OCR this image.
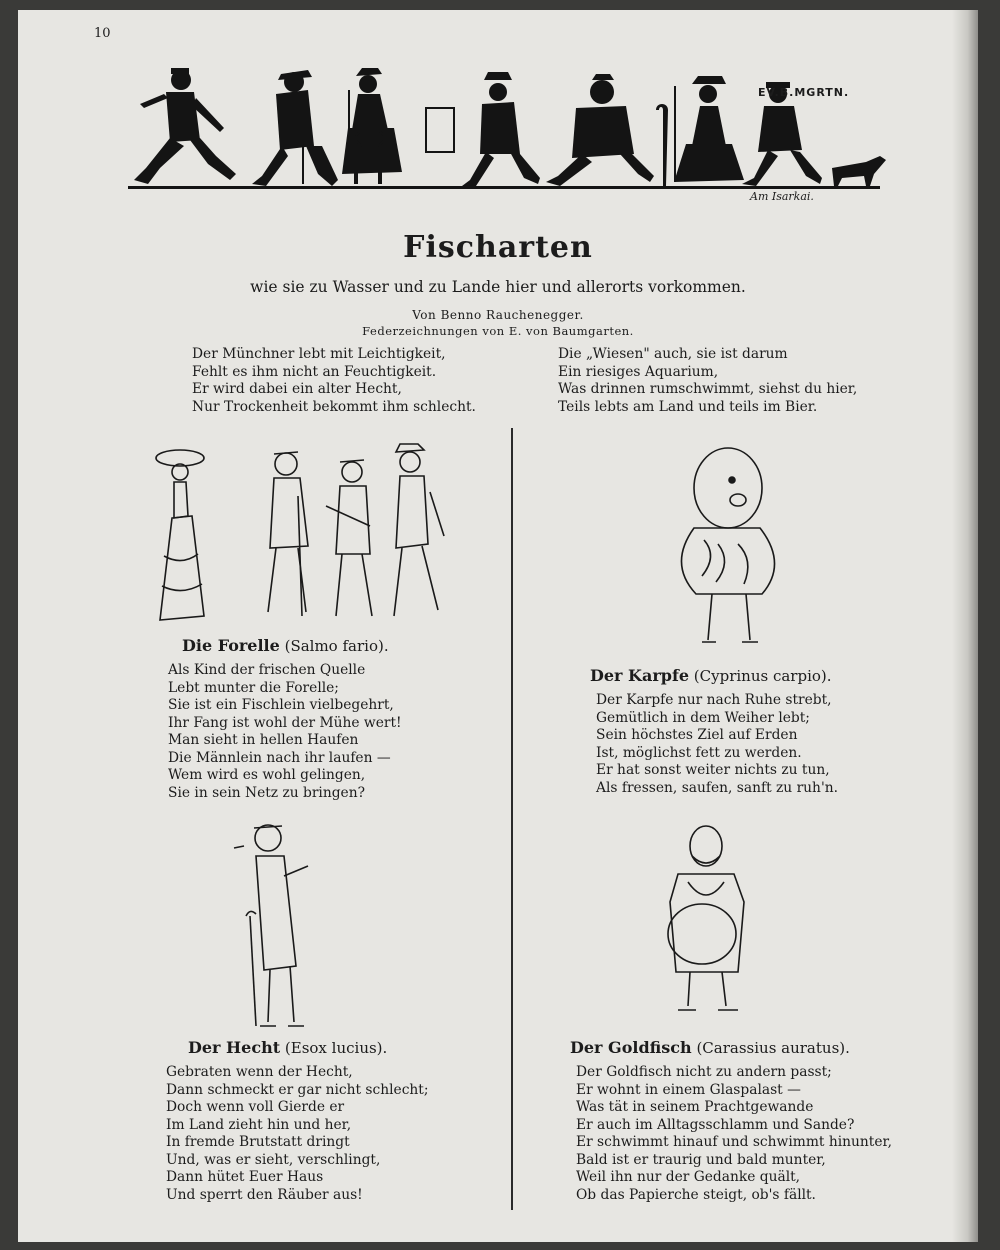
10
EV.B.MGRTN.
Am Isarkai.
Fischarten
wie sie zu Wasser und zu Lande hier und allerorts vorkommen.
Von Benno Rauchenegger.
Federzeichnungen von E. von Baumgarten.
Der Münchner lebt mit Leichtigkeit,
Fehlt es ihm nicht an Feuchtigkeit.
Er wird dabei ein alter Hecht,
Nur Trockenheit bekommt ihm schlecht.
Die „Wiesen" auch, sie ist darum
Ein riesiges Aquarium,
Was drinnen rumschwimmt, siehst du hier,
Teils lebts am Land und teils im Bier.
Die Forelle (Salmo fario).
Als Kind der frischen Quelle
Lebt munter die Forelle;
Sie ist ein Fischlein vielbegehrt,
Ihr Fang ist wohl der Mühe wert!
Man sieht in hellen Haufen
Die Männlein nach ihr laufen —
Wem wird es wohl gelingen,
Sie in sein Netz zu bringen?
Der Karpfe (Cyprinus carpio).
Der Karpfe nur nach Ruhe strebt,
Gemütlich in dem Weiher lebt;
Sein höchstes Ziel auf Erden
Ist, möglichst fett zu werden.
Er hat sonst weiter nichts zu tun,
Als fressen, saufen, sanft zu ruh'n.
Der Hecht (Esox lucius).
Gebraten wenn der Hecht,
Dann schmeckt er gar nicht schlecht;
Doch wenn voll Gierde er
Im Land zieht hin und her,
In fremde Brutstatt dringt
Und, was er sieht, verschlingt,
Dann hütet Euer Haus
Und sperrt den Räuber aus!
Der Goldfisch (Carassius auratus).
Der Goldfisch nicht zu andern passt;
Er wohnt in einem Glaspalast —
Was tät in seinem Prachtgewande
Er auch im Alltagsschlamm und Sande?
Er schwimmt hinauf und schwimmt hinunter,
Bald ist er traurig und bald munter,
Weil ihn nur der Gedanke quält,
Ob das Papierche steigt, ob's fällt.
